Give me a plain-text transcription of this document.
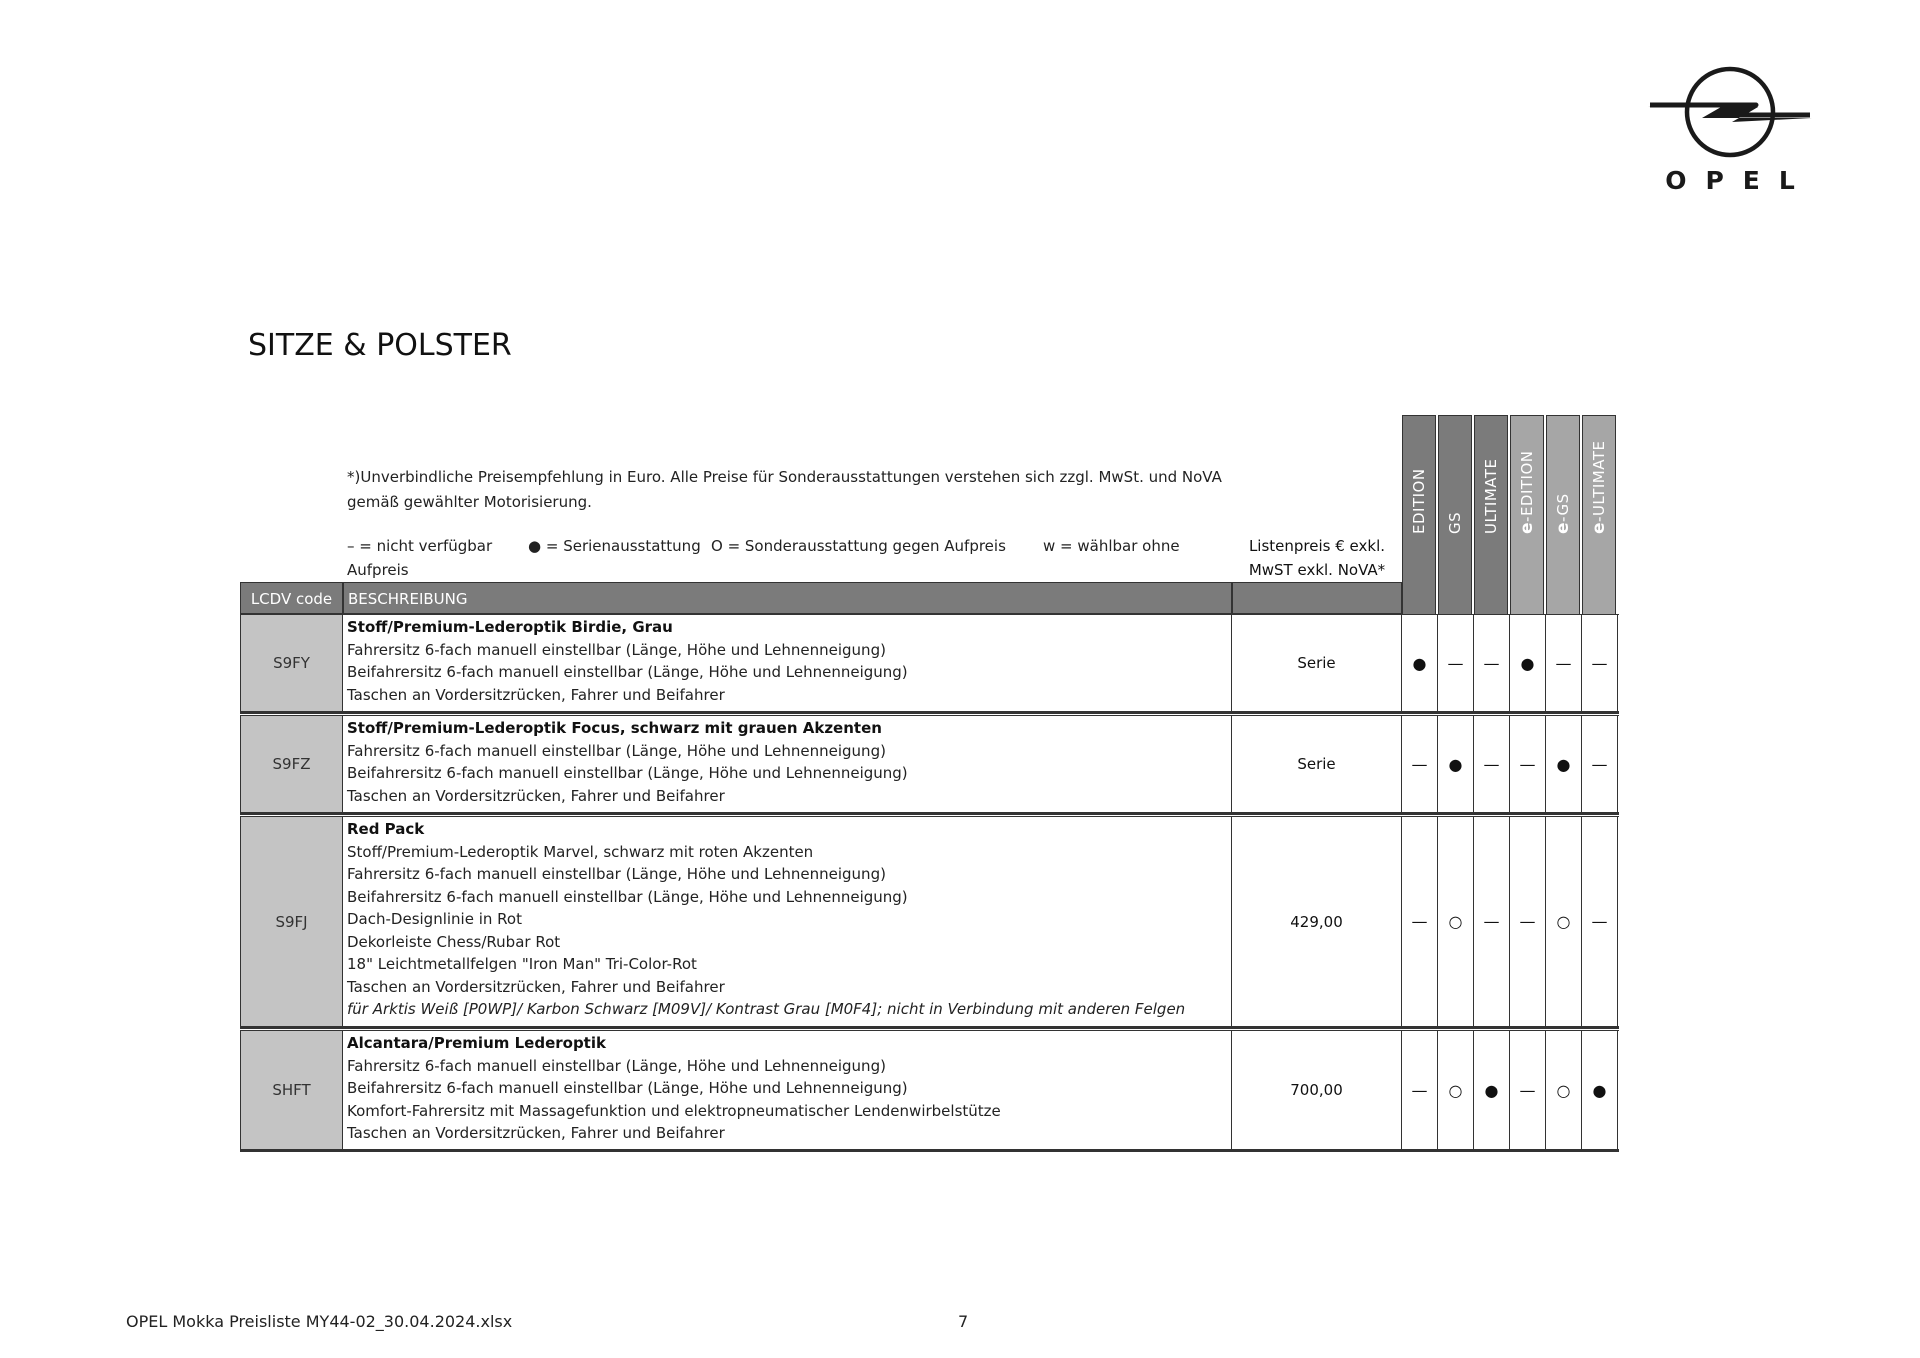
OPEL
SITZE & POLSTER
*)Unverbindliche Preisempfehlung in Euro. Alle Preise für Sonderausstattungen verstehen sich zzgl. MwSt. und NoVA gemäß gewählter Motorisierung.
– = nicht verfügbar
Aufpreis
● = Serienausstattung O = Sonderausstattung gegen Aufpreis w = wählbar ohne	Listenpreis € exkl.
MwST exkl. NoVA*
EDITION GS ULTIMATE e-EDITION
e-GS
e-ULTIMATE
LCDV code	BESCHREIBUNG
S9FY
Stoff/Premium-Lederoptik Birdie, Grau
Fahrersitz 6-fach manuell einstellbar (Länge, Höhe und Lehnenneigung)
Beifahrersitz 6-fach manuell einstellbar (Länge, Höhe und Lehnenneigung)
Taschen an Vordersitzrücken, Fahrer und Beifahrer
Serie	●	—	—	●	—	—
S9FZ
Stoff/Premium-Lederoptik Focus, schwarz mit grauen Akzenten
Fahrersitz 6-fach manuell einstellbar (Länge, Höhe und Lehnenneigung)
Beifahrersitz 6-fach manuell einstellbar (Länge, Höhe und Lehnenneigung)
Taschen an Vordersitzrücken, Fahrer und Beifahrer
Serie	—	●	—	—	●	—
S9FJ
Red Pack
Stoff/Premium-Lederoptik Marvel, schwarz mit roten Akzenten
Fahrersitz 6-fach manuell einstellbar (Länge, Höhe und Lehnenneigung)
Beifahrersitz 6-fach manuell einstellbar (Länge, Höhe und Lehnenneigung)
Dach-Designlinie in Rot
Dekorleiste Chess/Rubar Rot
18" Leichtmetallfelgen "Iron Man" Tri-Color-Rot
Taschen an Vordersitzrücken, Fahrer und Beifahrer
für Arktis Weiß [P0WP]/ Karbon Schwarz [M09V]/ Kontrast Grau [M0F4]; nicht in Verbindung mit anderen Felgen
429,00	—	○	—	—	○	—
SHFT
Alcantara/Premium Lederoptik
Fahrersitz 6-fach manuell einstellbar (Länge, Höhe und Lehnenneigung)
Beifahrersitz 6-fach manuell einstellbar (Länge, Höhe und Lehnenneigung)
Komfort-Fahrersitz mit Massagefunktion und elektropneumatischer Lendenwirbelstütze
Taschen an Vordersitzrücken, Fahrer und Beifahrer
700,00	—	○	●	—	○	●
OPEL Mokka Preisliste MY44-02_30.04.2024.xlsx	7
